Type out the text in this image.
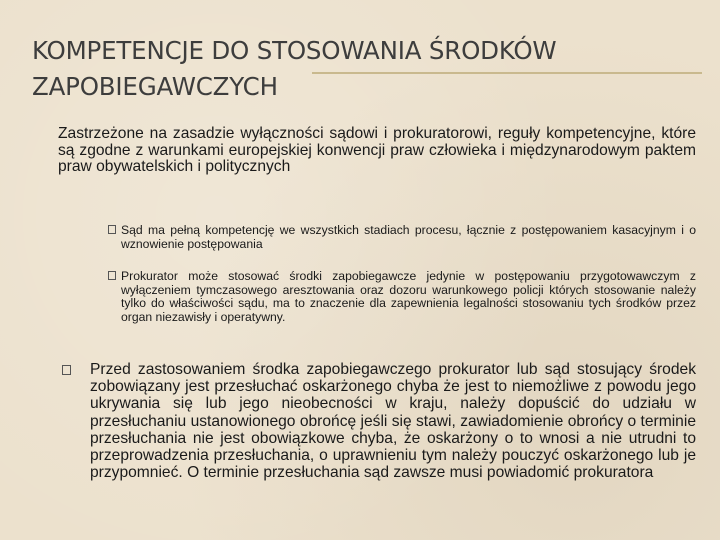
KOMPETENCJE DO STOSOWANIA ŚRODKÓW ZAPOBIEGAWCZYCH
Zastrzeżone na zasadzie wyłączności sądowi i prokuratorowi, reguły kompetencyjne, które są zgodne z warunkami europejskiej konwencji praw człowieka i międzynarodowym paktem praw obywatelskich i politycznych
Sąd ma pełną kompetencję we wszystkich stadiach procesu, łącznie z postępowaniem kasacyjnym i o wznowienie postępowania
Prokurator może stosować środki zapobiegawcze jedynie w postępowaniu przygotowawczym z wyłączeniem tymczasowego aresztowania oraz dozoru warunkowego policji których stosowanie należy tylko do właściwości sądu, ma to znaczenie dla zapewnienia legalności stosowaniu tych środków przez organ niezawisły i operatywny.
Przed zastosowaniem środka zapobiegawczego prokurator lub sąd stosujący środek zobowiązany jest przesłuchać oskarżonego chyba że jest to niemożliwe z powodu jego ukrywania się lub jego nieobecności w kraju, należy dopuścić do udziału w przesłuchaniu ustanowionego obrońcę jeśli się stawi, zawiadomienie obrońcy o terminie przesłuchania nie jest obowiązkowe chyba, że oskarżony o to wnosi a nie utrudni to przeprowadzenia przesłuchania, o uprawnieniu tym należy pouczyć oskarżonego lub je przypomnieć. O terminie przesłuchania sąd zawsze musi powiadomić prokuratora
